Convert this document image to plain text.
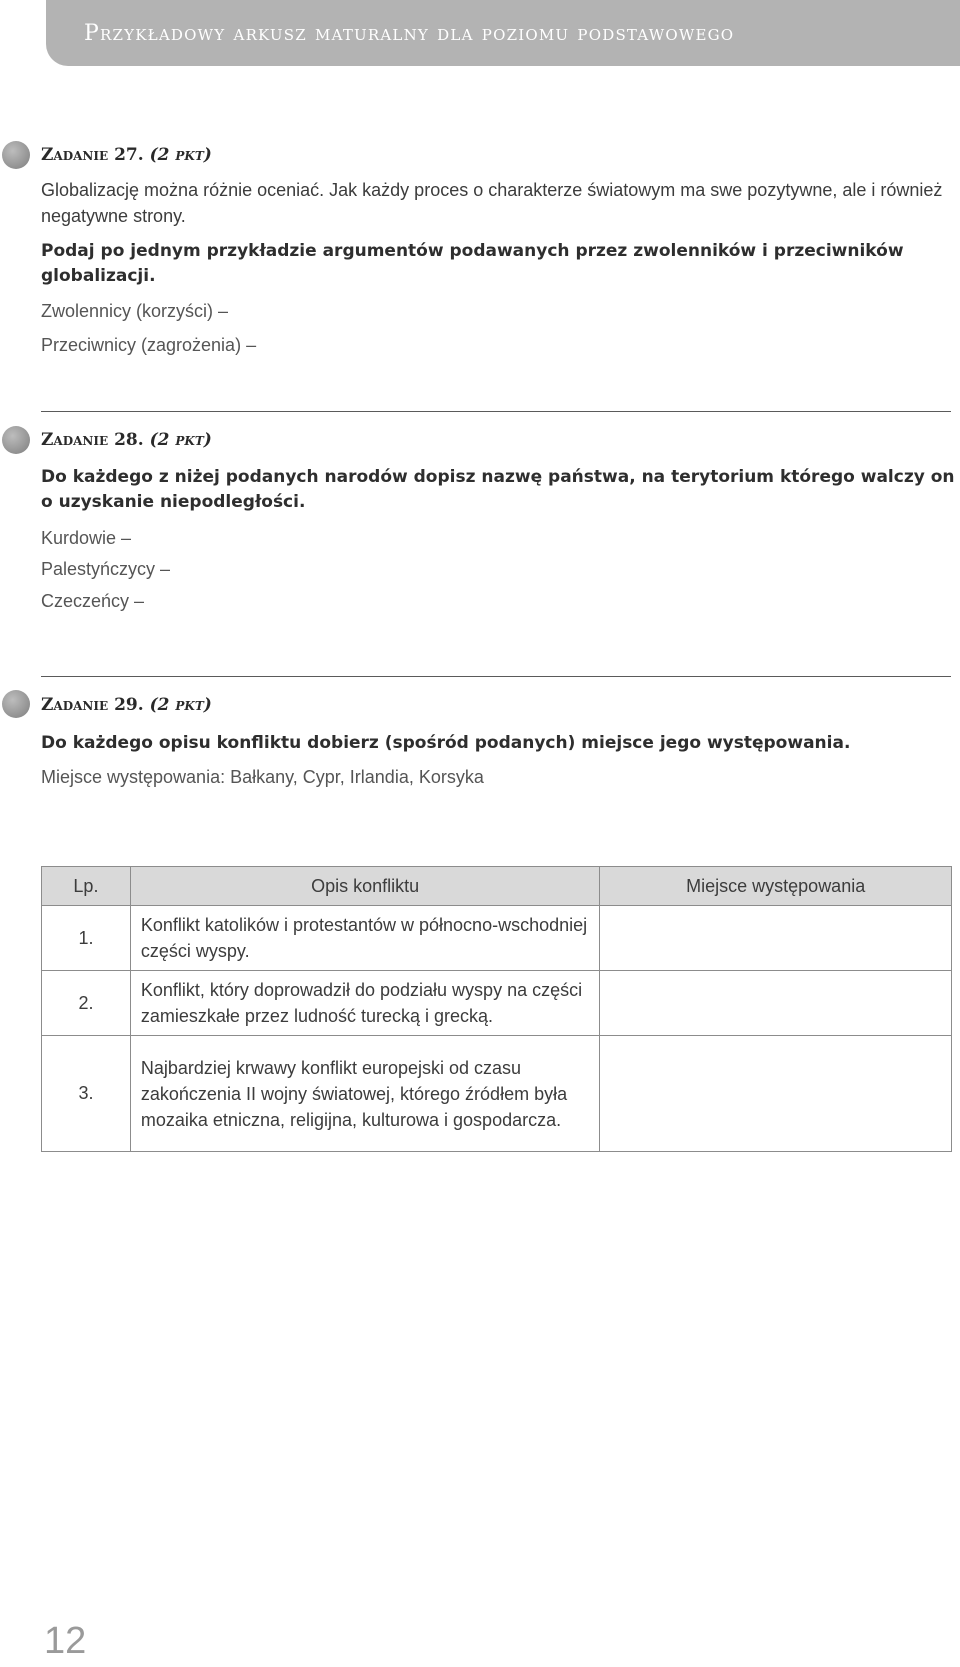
Przykładowy arkusz maturalny dla poziomu podstawowego
Zadanie 27. (2 pkt)
Globalizację można różnie oceniać. Jak każdy proces o charakterze światowym ma swe pozytywne, ale i również negatywne strony.
Podaj po jednym przykładzie argumentów podawanych przez zwolenników i przeciwników globalizacji.
Zwolennicy (korzyści) –
Przeciwnicy (zagrożenia) –
Zadanie 28. (2 pkt)
Do każdego z niżej podanych narodów dopisz nazwę państwa, na terytorium którego walczy on o uzyskanie niepodległości.
Kurdowie –
Palestyńczycy –
Czeczeńcy –
Zadanie 29. (2 pkt)
Do każdego opisu konfliktu dobierz (spośród podanych) miejsce jego występowania.
Miejsce występowania: Bałkany, Cypr, Irlandia, Korsyka
Lp.	Opis konfliktu	Miejsce występowania
1.	Konflikt katolików i protestantów w północno-wschodniej części wyspy.	
2.	Konflikt, który doprowadził do podziału wyspy na części zamieszkałe przez ludność turecką i grecką.	
3.	Najbardziej krwawy konflikt europejski od czasu zakończenia II wojny światowej, którego źródłem była mozaika etniczna, religijna, kulturowa i gospodarcza.	
12
